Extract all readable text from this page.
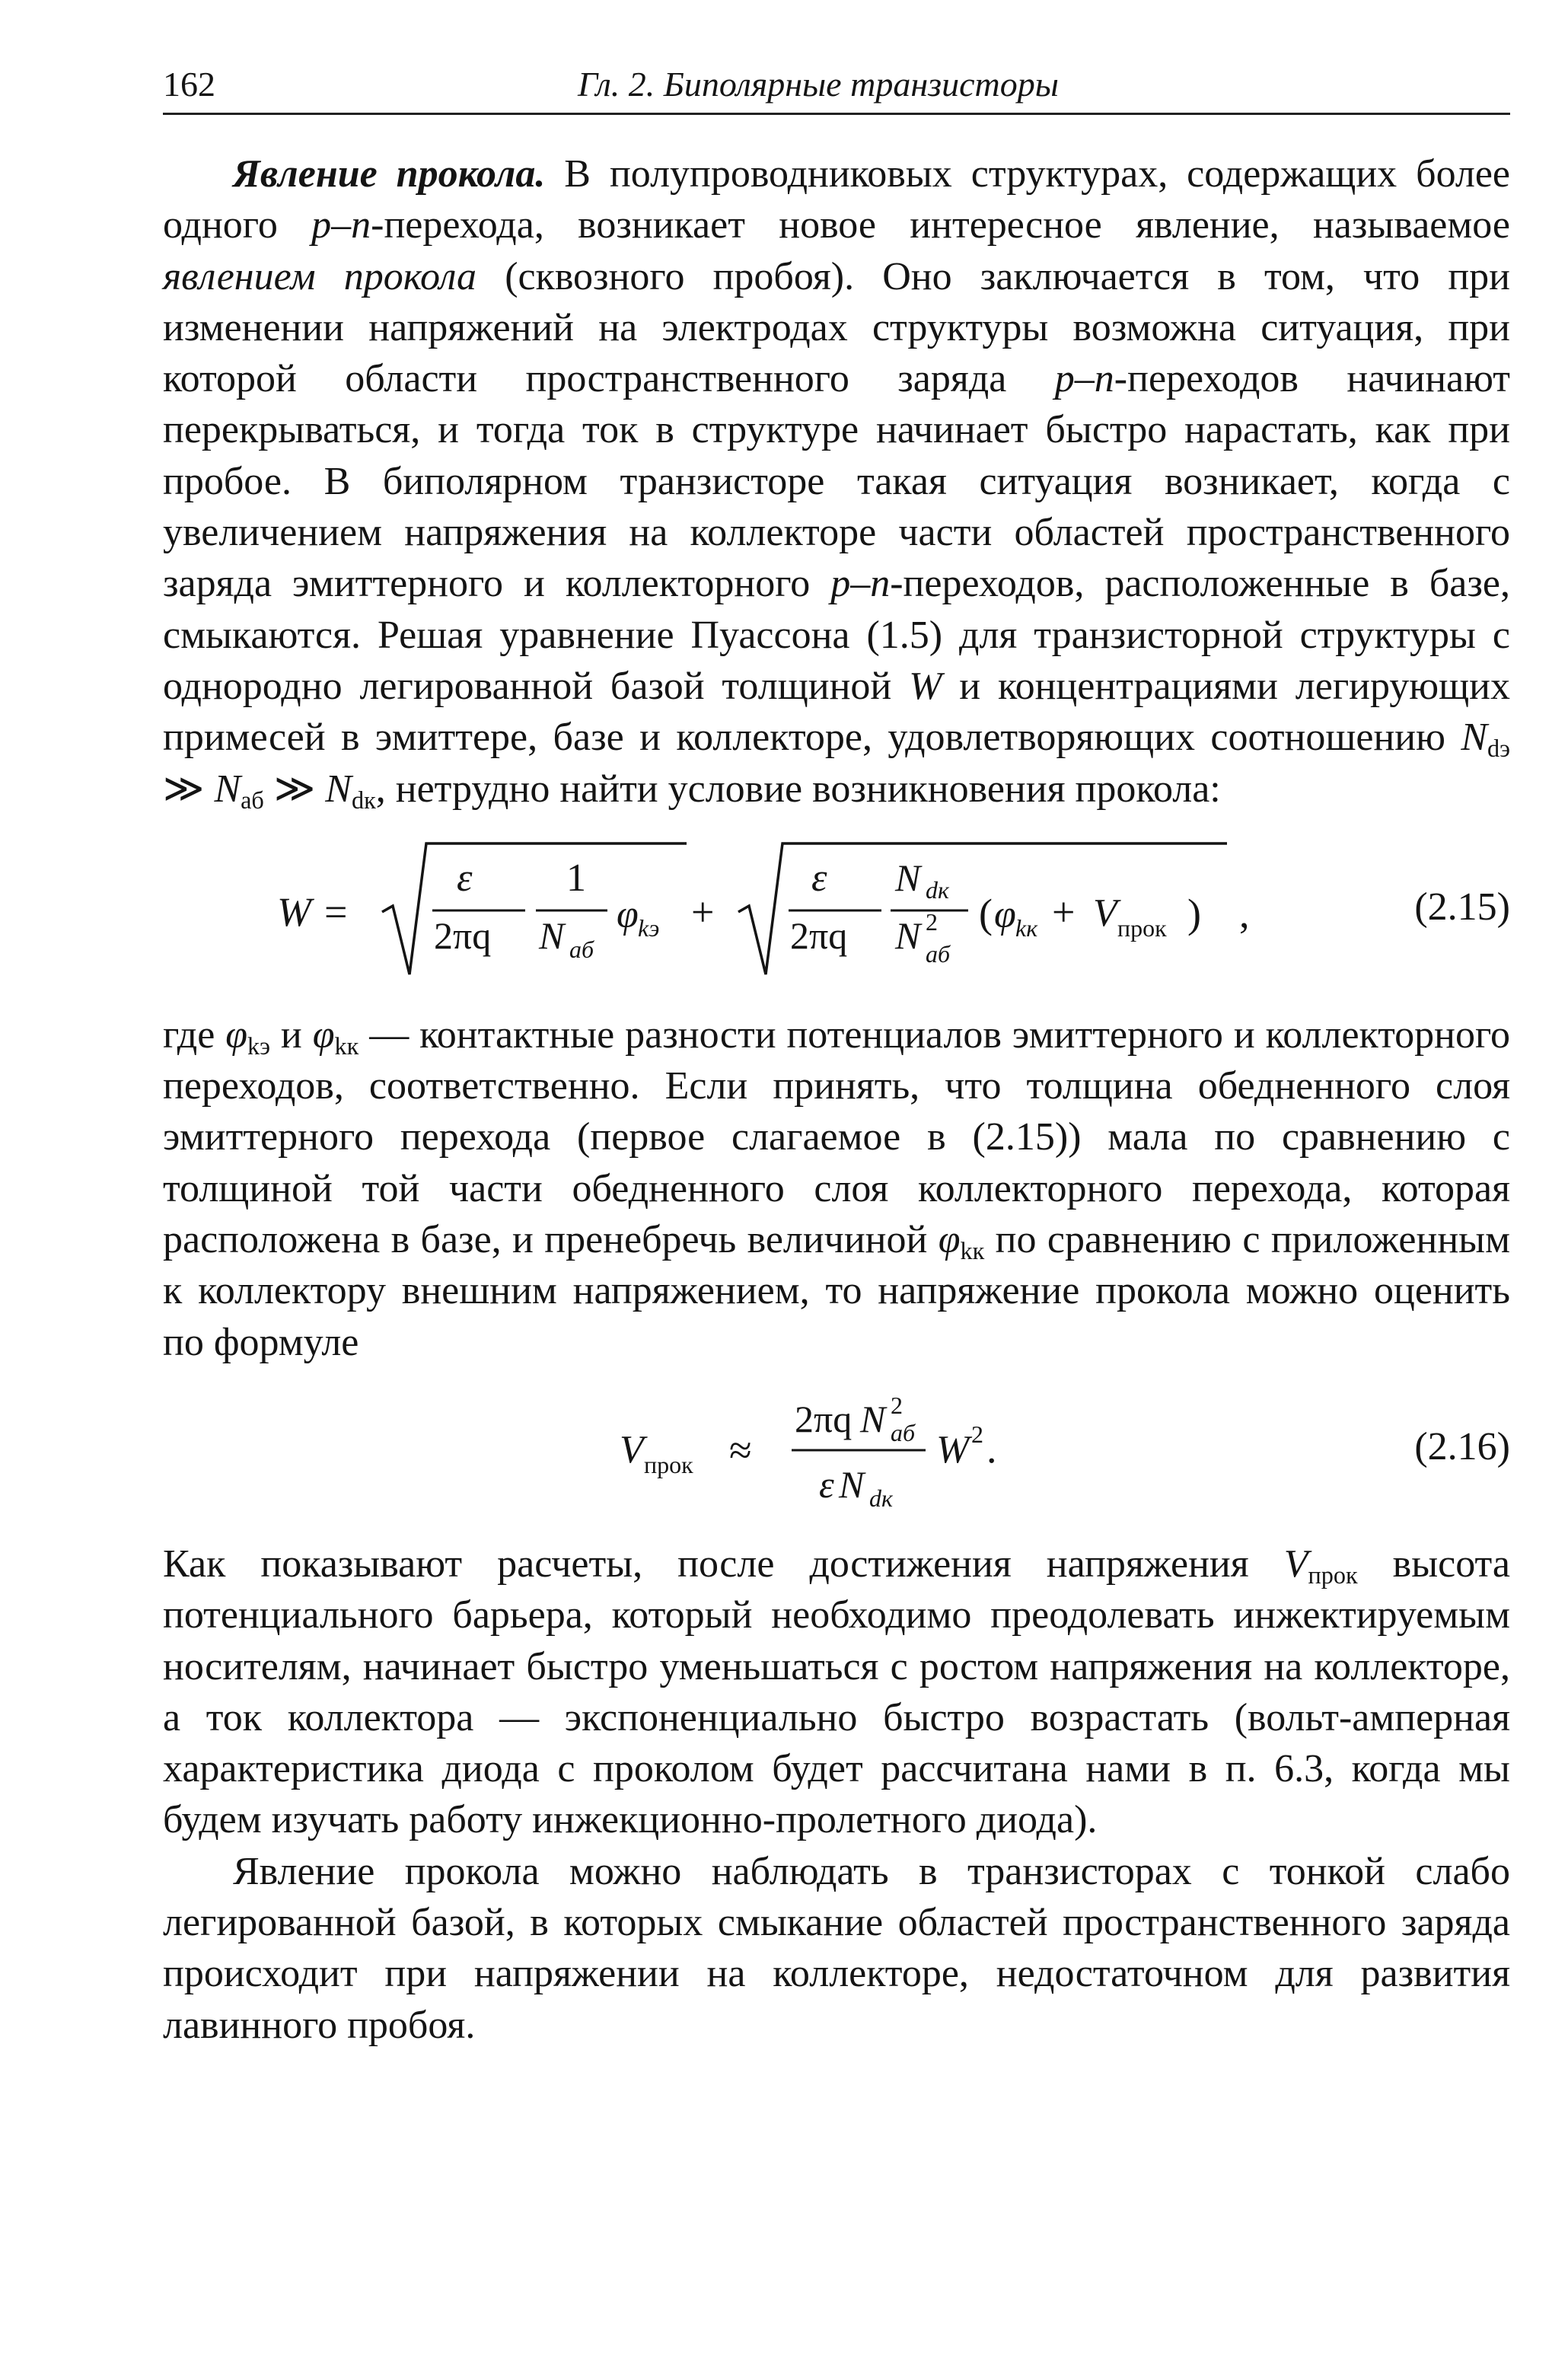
162	Гл. 2. Биполярные транзисторы

Явление прокола. В полупроводниковых структурах, содержащих более одного p–n-перехода, возникает новое интересное явление, называемое явлением прокола (сквозного пробоя). Оно заключается в том, что при изменении напряжений на электродах структуры возможна ситуация, при которой области пространственного заряда p–n-переходов начинают перекрываться, и тогда ток в структуре начинает быстро нарастать, как при пробое. В биполярном транзисторе такая ситуация возникает, когда с увеличением напряжения на коллекторе части областей пространственного заряда эмиттерного и коллекторного p–n-переходов, расположенные в базе, смыкаются. Решая уравнение Пуассона (1.5) для транзисторной структуры с однородно легированной базой толщиной W и концентрациями легирующих примесей в эмиттере, базе и коллекторе, удовлетворяющих соотношению $N_{dэ}$ ≫ $N_{aб}$ ≫ $N_{dк}$, нетрудно найти условие возникновения прокола:

W =
ε
2πq
1
N aб
φ kэ +
ε
2πq
N dк
N 2
aб
( φ kк + V прок ) ,	(2.15)

где $\varphi_{kэ}$ и $\varphi_{kк}$ — контактные разности потенциалов эмиттерного и коллекторного переходов, соответственно. Если принять, что толщина обедненного слоя эмиттерного перехода (первое слагаемое в (2.15)) мала по сравнению с толщиной той части обедненного слоя коллекторного перехода, которая расположена в базе, и пренебречь величиной $\varphi_{kк}$ по сравнению с приложенным к коллектору внешним напряжением, то напряжение прокола можно оценить по формуле

V прок ≈
2πq N 2
aб
ε N dк
W 2 .	(2.16)

Как показывают расчеты, после достижения напряжения $V_{прок}$ высота потенциального барьера, который необходимо преодолевать инжектируемым носителям, начинает быстро уменьшаться с ростом напряжения на коллекторе, а ток коллектора — экспоненциально быстро возрастать (вольт-амперная характеристика диода с проколом будет рассчитана нами в п. 6.3, когда мы будем изучать работу инжекционно-пролетного диода).

Явление прокола можно наблюдать в транзисторах с тонкой слабо легированной базой, в которых смыкание областей пространственного заряда происходит при напряжении на коллекторе, недостаточном для развития лавинного пробоя.
